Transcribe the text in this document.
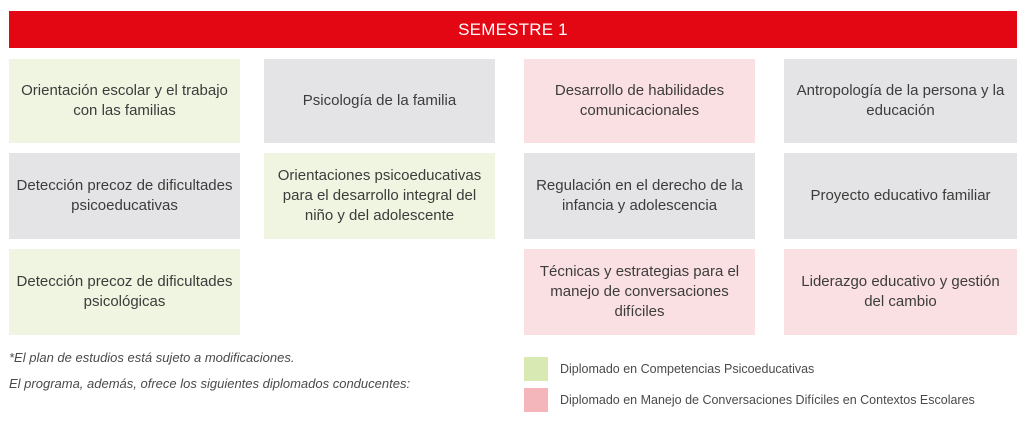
SEMESTRE 1
Orientación escolar y el trabajo con las familias
Psicología de la familia
Desarrollo de habilidades comunicacionales
Antropología de la persona y la educación
Detección precoz de dificultades psicoeducativas
Orientaciones psicoeducativas para el desarrollo integral del niño y del adolescente
Regulación en el derecho de la infancia y adolescencia
Proyecto educativo familiar
Detección precoz de dificultades psicológicas
Técnicas y estrategias para el manejo de conversaciones difíciles
Liderazgo educativo y gestión del cambio
*El plan de estudios está sujeto a modificaciones.
El programa, además, ofrece los siguientes diplomados conducentes:
Diplomado en Competencias Psicoeducativas
Diplomado en Manejo de Conversaciones Difíciles en Contextos Escolares
